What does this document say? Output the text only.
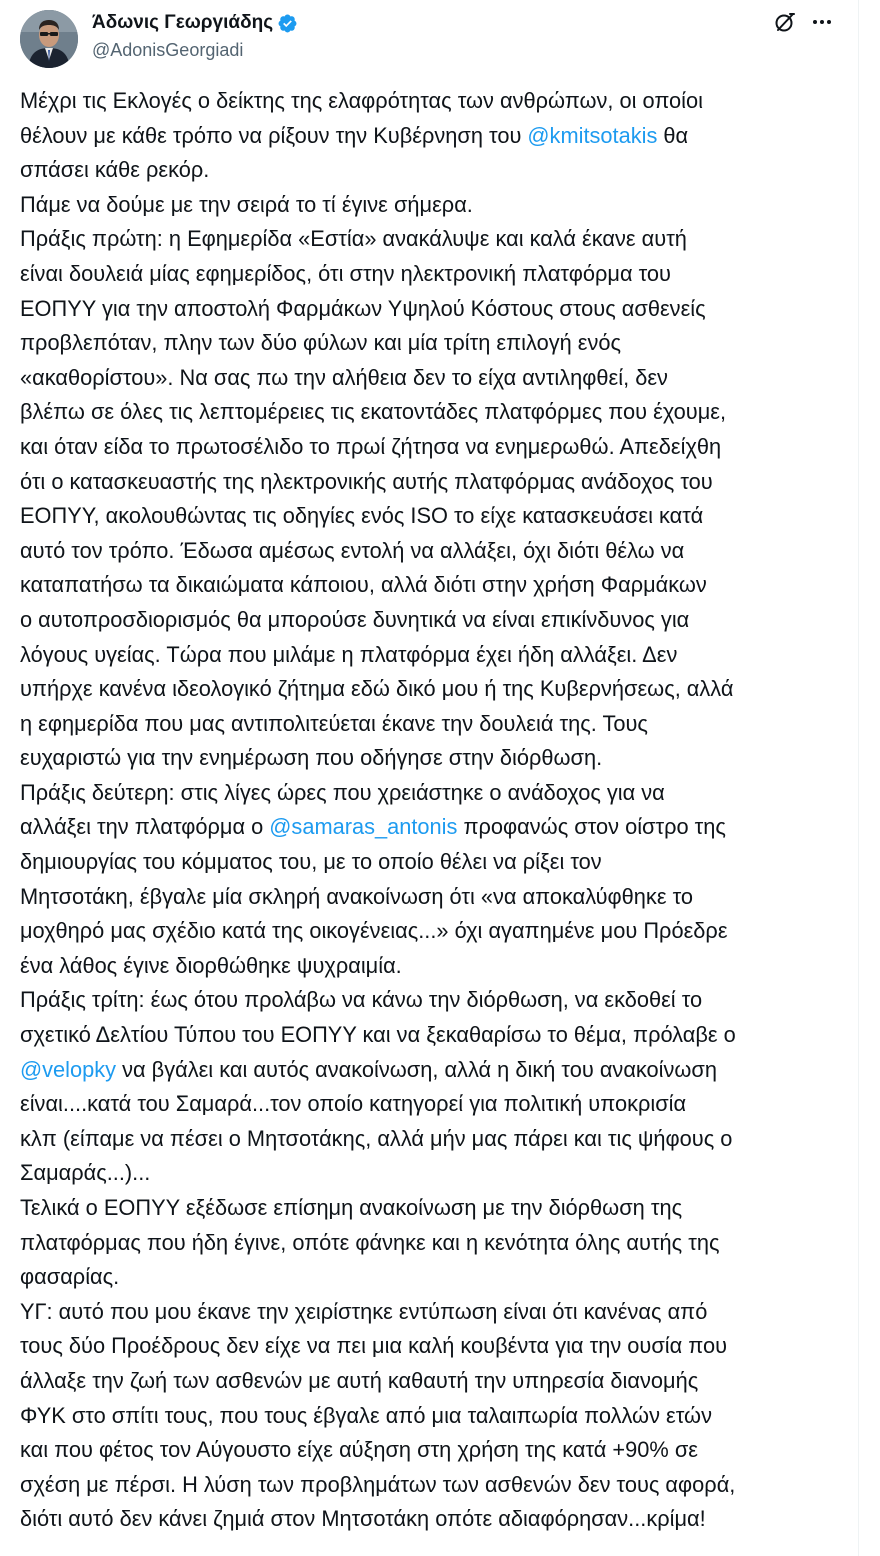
Άδωνις Γεωργιάδης
@AdonisGeorgiadi
Μέχρι τις Εκλογές ο δείκτης της ελαφρότητας των ανθρώπων, οι οποίοι
θέλουν με κάθε τρόπο να ρίξουν την Κυβέρνηση του @kmitsotakis θα
σπάσει κάθε ρεκόρ.
Πάμε να δούμε με την σειρά το τί έγινε σήμερα.
Πράξις πρώτη: η Εφημερίδα «Εστία» ανακάλυψε και καλά έκανε αυτή
είναι δουλειά μίας εφημερίδος, ότι στην ηλεκτρονική πλατφόρμα του
ΕΟΠΥΥ για την αποστολή Φαρμάκων Υψηλού Κόστους στους ασθενείς
προβλεπόταν, πλην των δύο φύλων και μία τρίτη επιλογή ενός
«ακαθορίστου». Να σας πω την αλήθεια δεν το είχα αντιληφθεί, δεν
βλέπω σε όλες τις λεπτομέρειες τις εκατοντάδες πλατφόρμες που έχουμε,
και όταν είδα το πρωτοσέλιδο το πρωί ζήτησα να ενημερωθώ. Απεδείχθη
ότι ο κατασκευαστής της ηλεκτρονικής αυτής πλατφόρμας ανάδοχος του
ΕΟΠΥΥ, ακολουθώντας τις οδηγίες ενός ISO το είχε κατασκευάσει κατά
αυτό τον τρόπο. Έδωσα αμέσως εντολή να αλλάξει, όχι διότι θέλω να
καταπατήσω τα δικαιώματα κάποιου, αλλά διότι στην χρήση Φαρμάκων
ο αυτοπροσδιορισμός θα μπορούσε δυνητικά να είναι επικίνδυνος για
λόγους υγείας. Τώρα που μιλάμε η πλατφόρμα έχει ήδη αλλάξει. Δεν
υπήρχε κανένα ιδεολογικό ζήτημα εδώ δικό μου ή της Κυβερνήσεως, αλλά
η εφημερίδα που μας αντιπολιτεύεται έκανε την δουλειά της. Τους
ευχαριστώ για την ενημέρωση που οδήγησε στην διόρθωση.
Πράξις δεύτερη: στις λίγες ώρες που χρειάστηκε ο ανάδοχος για να
αλλάξει την πλατφόρμα ο @samaras_antonis προφανώς στον οίστρο της
δημιουργίας του κόμματος του, με το οποίο θέλει να ρίξει τον
Μητσοτάκη, έβγαλε μία σκληρή ανακοίνωση ότι «να αποκαλύφθηκε το
μοχθηρό μας σχέδιο κατά της οικογένειας...» όχι αγαπημένε μου Πρόεδρε
ένα λάθος έγινε διορθώθηκε ψυχραιμία.
Πράξις τρίτη: έως ότου προλάβω να κάνω την διόρθωση, να εκδοθεί το
σχετικό Δελτίου Τύπου του ΕΟΠΥΥ και να ξεκαθαρίσω το θέμα, πρόλαβε ο
@velopky να βγάλει και αυτός ανακοίνωση, αλλά η δική του ανακοίνωση
είναι....κατά του Σαμαρά...τον οποίο κατηγορεί για πολιτική υποκρισία
κλπ (είπαμε να πέσει ο Μητσοτάκης, αλλά μήν μας πάρει και τις ψήφους ο
Σαμαράς...)...
Τελικά ο ΕΟΠΥΥ εξέδωσε επίσημη ανακοίνωση με την διόρθωση της
πλατφόρμας που ήδη έγινε, οπότε φάνηκε και η κενότητα όλης αυτής της
φασαρίας.
ΥΓ: αυτό που μου έκανε την χειρίστηκε εντύπωση είναι ότι κανένας από
τους δύο Προέδρους δεν είχε να πει μια καλή κουβέντα για την ουσία που
άλλαξε την ζωή των ασθενών με αυτή καθαυτή την υπηρεσία διανομής
ΦΥΚ στο σπίτι τους, που τους έβγαλε από μια ταλαιπωρία πολλών ετών
και που φέτος τον Αύγουστο είχε αύξηση στη χρήση της κατά +90% σε
σχέση με πέρσι. Η λύση των προβλημάτων των ασθενών δεν τους αφορά,
διότι αυτό δεν κάνει ζημιά στον Μητσοτάκη οπότε αδιαφόρησαν...κρίμα!
